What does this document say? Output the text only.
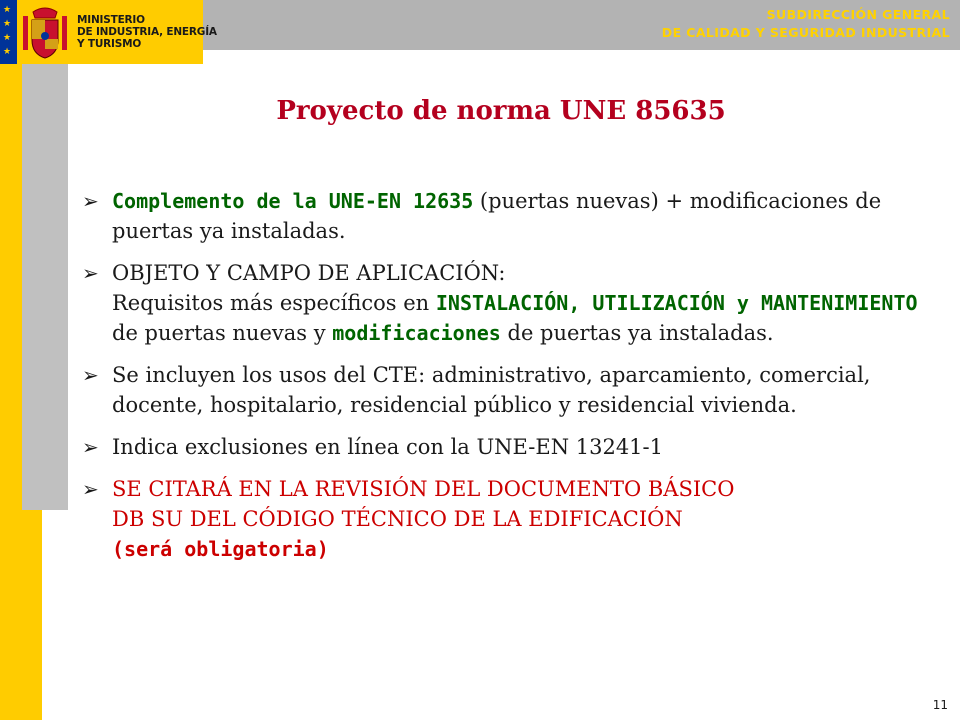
★
★
★
★
MINISTERIO
DE INDUSTRIA, ENERGÍA
Y TURISMO
SUBDIRECCIÓN GENERAL
DE CALIDAD Y SEGURIDAD INDUSTRIAL
Proyecto de norma UNE 85635
➢ Complemento de la UNE-EN 12635 (puertas nuevas) + modificaciones de puertas ya instaladas.
➢ OBJETO Y CAMPO DE APLICACIÓN:
Requisitos más específicos en INSTALACIÓN, UTILIZACIÓN y MANTENIMIENTO de puertas nuevas y modificaciones de puertas ya instaladas.
➢ Se incluyen los usos del CTE: administrativo, aparcamiento, comercial, docente, hospitalario, residencial público y residencial vivienda.
➢ Indica exclusiones en línea con la UNE-EN 13241-1
➢ SE CITARÁ EN LA REVISIÓN DEL DOCUMENTO BÁSICO
DB SU DEL CÓDIGO TÉCNICO DE LA EDIFICACIÓN
(será obligatoria)
11
